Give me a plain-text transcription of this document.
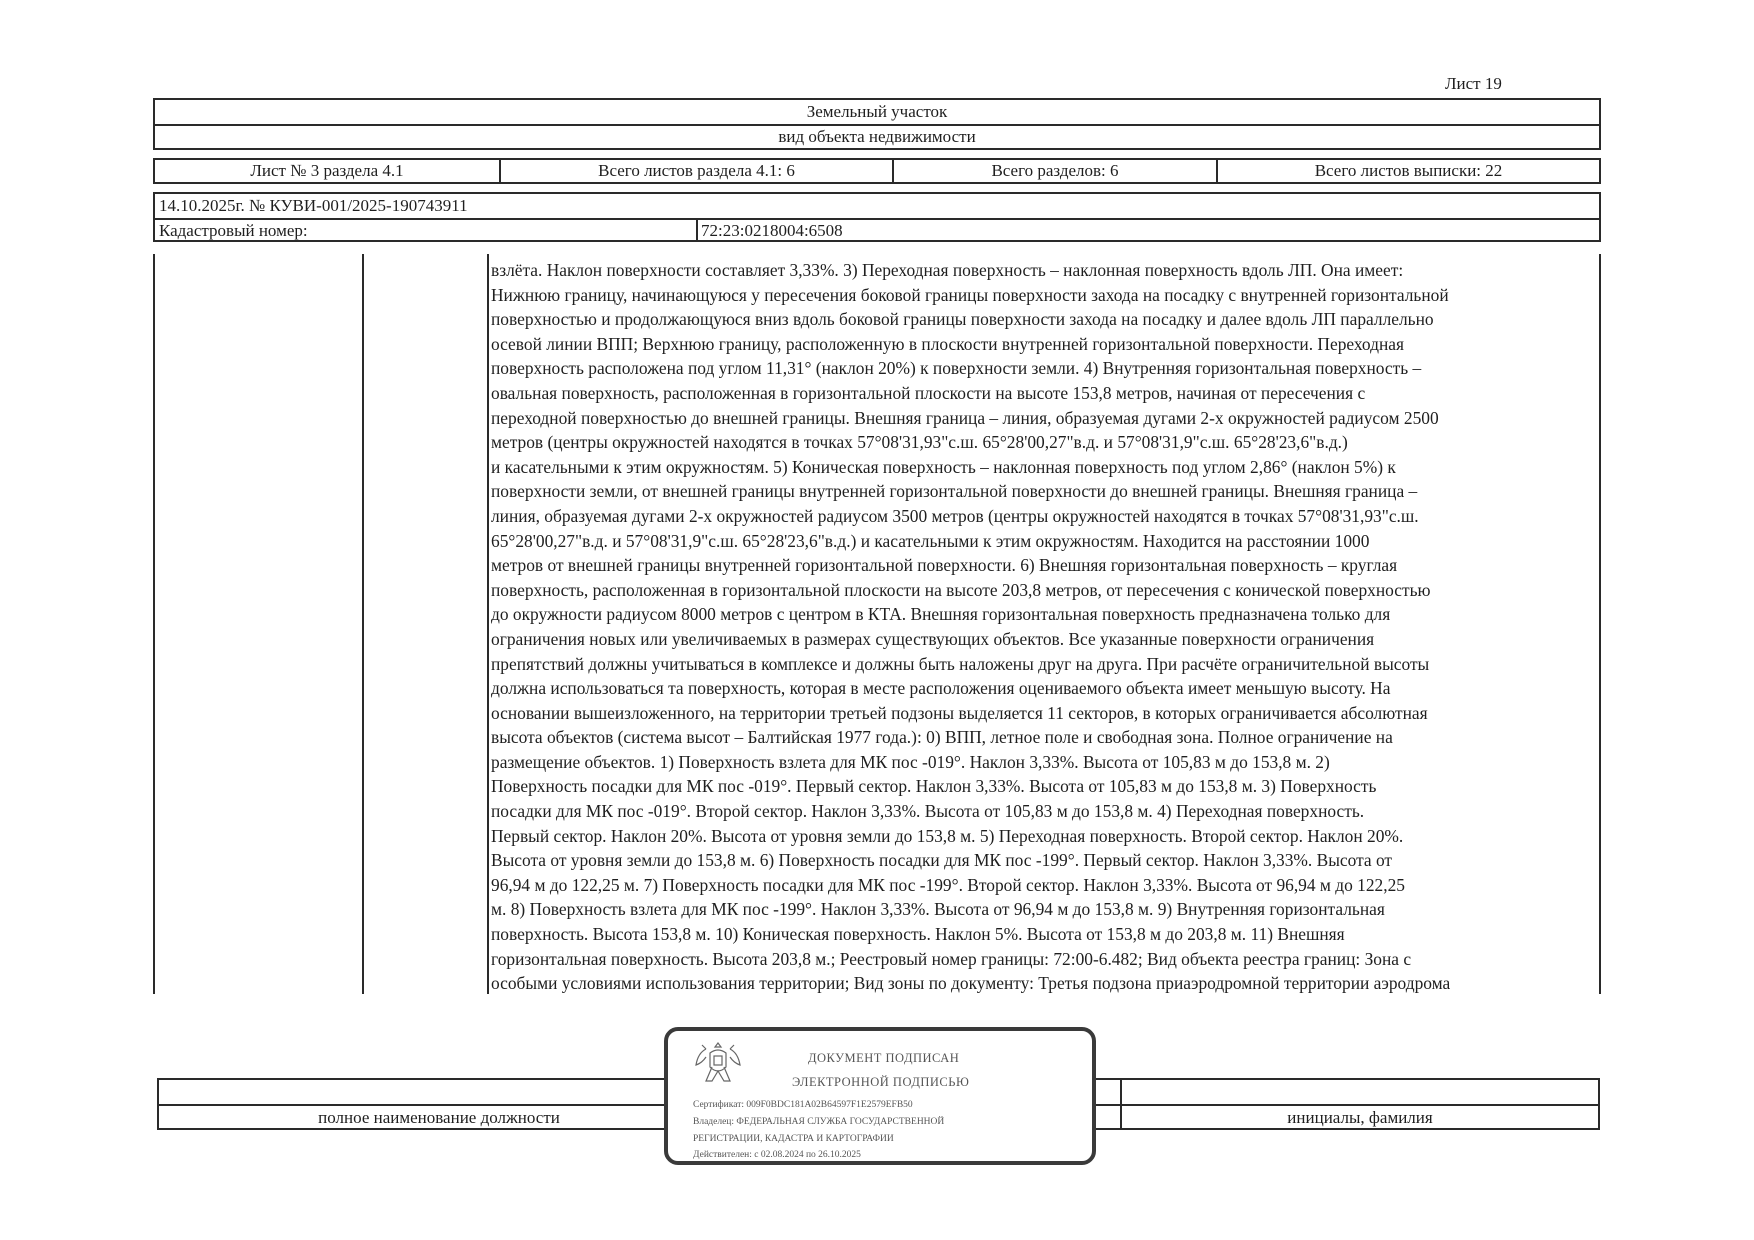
Лист 19
Земельный участок
вид объекта недвижимости
Лист № 3 раздела 4.1	Всего листов раздела 4.1: 6	Всего разделов: 6	Всего листов выписки: 22
14.10.2025г. № КУВИ-001/2025-190743911
Кадастровый номер:	72:23:0218004:6508
взлёта. Наклон поверхности составляет 3,33%. 3) Переходная поверхность – наклонная поверхность вдоль ЛП. Она имеет:
Нижнюю границу, начинающуюся у пересечения боковой границы поверхности захода на посадку с внутренней горизонтальной
поверхностью и продолжающуюся вниз вдоль боковой границы поверхности захода на посадку и далее вдоль ЛП параллельно
осевой линии ВПП; Верхнюю границу, расположенную в плоскости внутренней горизонтальной поверхности. Переходная
поверхность расположена под углом 11,31° (наклон 20%) к поверхности земли. 4) Внутренняя горизонтальная поверхность –
овальная поверхность, расположенная в горизонтальной плоскости на высоте 153,8 метров, начиная от пересечения с
переходной поверхностью до внешней границы. Внешняя граница – линия, образуемая дугами 2-х окружностей радиусом 2500
метров (центры окружностей находятся в точках 57°08'31,93"с.ш. 65°28'00,27"в.д. и 57°08'31,9"с.ш. 65°28'23,6"в.д.)
и касательными к этим окружностям. 5) Коническая поверхность – наклонная поверхность под углом 2,86° (наклон 5%) к
поверхности земли, от внешней границы внутренней горизонтальной поверхности до внешней границы. Внешняя граница –
линия, образуемая дугами 2-х окружностей радиусом 3500 метров (центры окружностей находятся в точках 57°08'31,93"с.ш.
65°28'00,27"в.д. и 57°08'31,9"с.ш. 65°28'23,6"в.д.) и касательными к этим окружностям. Находится на расстоянии 1000
метров от внешней границы внутренней горизонтальной поверхности. 6) Внешняя горизонтальная поверхность – круглая
поверхность, расположенная в горизонтальной плоскости на высоте 203,8 метров, от пересечения с конической поверхностью
до окружности радиусом 8000 метров с центром в КТА. Внешняя горизонтальная поверхность предназначена только для
ограничения новых или увеличиваемых в размерах существующих объектов. Все указанные поверхности ограничения
препятствий должны учитываться в комплексе и должны быть наложены друг на друга. При расчёте ограничительной высоты
должна использоваться та поверхность, которая в месте расположения оцениваемого объекта имеет меньшую высоту. На
основании вышеизложенного, на территории третьей подзоны выделяется 11 секторов, в которых ограничивается абсолютная
высота объектов (система высот – Балтийская 1977 года.): 0) ВПП, летное поле и свободная зона. Полное ограничение на
размещение объектов. 1) Поверхность взлета для МК пос -019°. Наклон 3,33%. Высота от 105,83 м до 153,8 м. 2)
Поверхность посадки для МК пос -019°. Первый сектор. Наклон 3,33%. Высота от 105,83 м до 153,8 м. 3) Поверхность
посадки для МК пос -019°. Второй сектор. Наклон 3,33%. Высота от 105,83 м до 153,8 м. 4) Переходная поверхность.
Первый сектор. Наклон 20%. Высота от уровня земли до 153,8 м. 5) Переходная поверхность. Второй сектор. Наклон 20%.
Высота от уровня земли до 153,8 м. 6) Поверхность посадки для МК пос -199°. Первый сектор. Наклон 3,33%. Высота от
96,94 м до 122,25 м. 7) Поверхность посадки для МК пос -199°. Второй сектор. Наклон 3,33%. Высота от 96,94 м до 122,25
м. 8) Поверхность взлета для МК пос -199°. Наклон 3,33%. Высота от 96,94 м до 153,8 м. 9) Внутренняя горизонтальная
поверхность. Высота 153,8 м. 10) Коническая поверхность. Наклон 5%. Высота от 153,8 м до 203,8 м. 11) Внешняя
горизонтальная поверхность. Высота 203,8 м.; Реестровый номер границы: 72:00-6.482; Вид объекта реестра границ: Зона с
особыми условиями использования территории; Вид зоны по документу: Третья подзона приаэродромной территории аэродрома
полное наименование должности	инициалы, фамилия
ДОКУМЕНТ ПОДПИСАН
ЭЛЕКТРОННОЙ ПОДПИСЬЮ
Сертификат: 009F0BDC181A02B64597F1E2579EFB50
Владелец: ФЕДЕРАЛЬНАЯ СЛУЖБА ГОСУДАРСТВЕННОЙ
РЕГИСТРАЦИИ, КАДАСТРА И КАРТОГРАФИИ
Действителен: с 02.08.2024 по 26.10.2025
